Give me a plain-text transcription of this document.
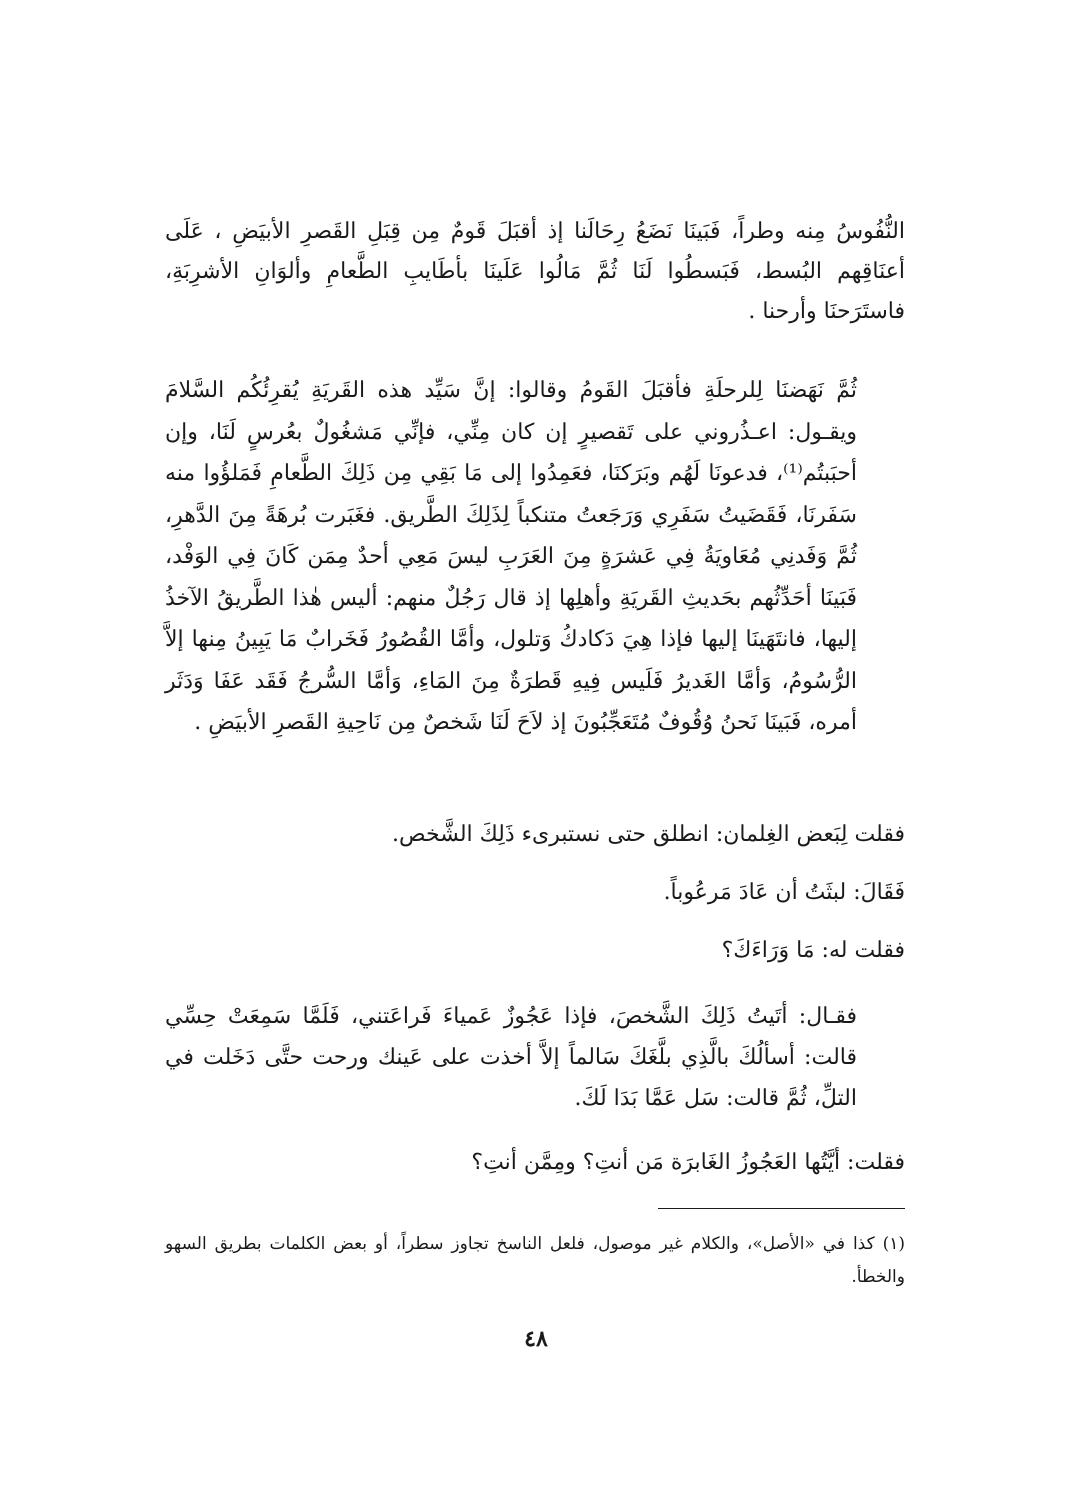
النُّفُوسُ مِنه وطراً، فَبَينَا نَضَعُ رِحَالَنا إذ أقبَلَ قَومٌ مِن قِبَلِ القَصرِ الأبيَضِ ، عَلَى أعنَاقِهم البُسط، فَبَسطُوا لَنَا ثُمَّ مَالُوا عَلَينَا بأطَايبِ الطَّعامِ وألوَانِ الأشرِبَةِ، فاستَرَحنَا وأرحنا .

ثُمَّ نَهَضنَا لِلرحلَةِ فأقبَلَ القَومُ وقالوا: إنَّ سَيِّد هذه القَريَةِ يُقرِئُكُم السَّلامَ ويقـول: اعـذُروني على تَقصيرٍ إن كان مِنِّي، فإنِّي مَشغُولٌ بعُرسٍ لَنَا، وإن أحبَبتُم⁽¹⁾، فدعونَا لَهُم وبَرَكنَا، فعَمِدُوا إلى مَا بَقِي مِن ذَلِكَ الطَّعامِ فَمَلؤُوا منه سَفَرنَا، فَقَضَيتُ سَفَرِي وَرَجَعتُ متنكباً لِذَلِكَ الطَّريق. فغَبَرت بُرهَةً مِنَ الدَّهرِ، ثُمَّ وَفَدنِي مُعَاويَةُ فِي عَشرَةٍ مِنَ العَرَبِ ليسَ مَعِي أحدٌ مِمَن كَانَ فِي الوَفْد، فَبَينَا أحَدِّثُهم بحَديثِ القَريَةِ وأهلِها إذ قال رَجُلٌ منهم: أليس هٰذا الطَّريقُ الآخذُ إليها، فانتَهَينَا إليها فإذا هِيَ دَكادكُ وَتلول، وأمَّا القُصُورُ فَخَرابٌ مَا يَبِينُ مِنها إلاَّ الرُّسُومُ، وَأمَّا الغَديرُ فَلَيس فِيهِ قَطرَةٌ مِنَ المَاءِ، وَأمَّا السُّرجُ فَقَد عَفَا وَدَثَر أمره، فَبَينَا نَحنُ وُقُوفٌ مُتَعَجِّبُونَ إذ لاَحَ لَنَا شَخصٌ مِن نَاحِيةِ القَصرِ الأبيَضِ .

فقلت لِبَعض الغِلمان: انطلق حتى نستبرىء ذَلِكَ الشَّخص.
فَقَالَ: لبثَتُ أن عَادَ مَرعُوباً.
فقلت له: مَا وَرَاءَكَ؟

فقـال: أتَيتُ ذَلِكَ الشَّخصَ، فإذا عَجُوزٌ عَمياءَ فَراعَتني، فَلَمَّا سَمِعَتْ حِسِّي قالت: أسألُكَ بالَّذِي بلَّغَكَ سَالماً إلاَّ أخذت على عَينك ورحت حتَّى دَخَلت في التلِّ، ثُمَّ قالت: سَل عَمَّا بَدَا لَكَ.

فقلت: أيَّتُها العَجُوزُ الغَابرَة مَن أنتِ؟ ومِمَّن أنتِ؟
(١) كذا في «الأصل»، والكلام غير موصول، فلعل الناسخ تجاوز سطراً، أو بعض الكلمات بطريق السهو والخطأ.
٤٨
